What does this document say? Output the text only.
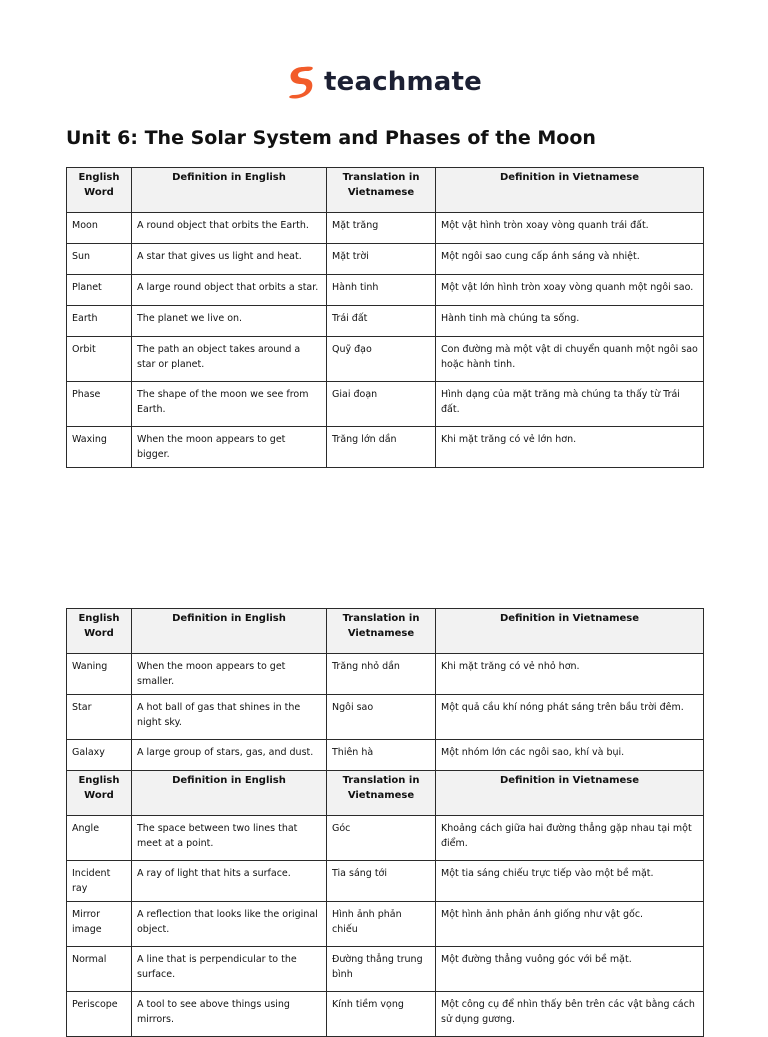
teachmate
Unit 6: The Solar System and Phases of the Moon
English Word	Definition in English	Translation in Vietnamese	Definition in Vietnamese
Moon	A round object that orbits the Earth.	Mặt trăng	Một vật hình tròn xoay vòng quanh trái đất.
Sun	A star that gives us light and heat.	Mặt trời	Một ngôi sao cung cấp ánh sáng và nhiệt.
Planet	A large round object that orbits a star.	Hành tinh	Một vật lớn hình tròn xoay vòng quanh một ngôi sao.
Earth	The planet we live on.	Trái đất	Hành tinh mà chúng ta sống.
Orbit	The path an object takes around a star or planet.	Quỹ đạo	Con đường mà một vật di chuyển quanh một ngôi sao hoặc hành tinh.
Phase	The shape of the moon we see from Earth.	Giai đoạn	Hình dạng của mặt trăng mà chúng ta thấy từ Trái đất.
Waxing	When the moon appears to get bigger.	Trăng lớn dần	Khi mặt trăng có vẻ lớn hơn.
English Word	Definition in English	Translation in Vietnamese	Definition in Vietnamese
Waning	When the moon appears to get smaller.	Trăng nhỏ dần	Khi mặt trăng có vẻ nhỏ hơn.
Star	A hot ball of gas that shines in the night sky.	Ngôi sao	Một quả cầu khí nóng phát sáng trên bầu trời đêm.
Galaxy	A large group of stars, gas, and dust.	Thiên hà	Một nhóm lớn các ngôi sao, khí và bụi.
English Word	Definition in English	Translation in Vietnamese	Definition in Vietnamese
Angle	The space between two lines that meet at a point.	Góc	Khoảng cách giữa hai đường thẳng gặp nhau tại một điểm.
Incident ray	A ray of light that hits a surface.	Tia sáng tới	Một tia sáng chiếu trực tiếp vào một bề mặt.
Mirror image	A reflection that looks like the original object.	Hình ảnh phản chiếu	Một hình ảnh phản ánh giống như vật gốc.
Normal	A line that is perpendicular to the surface.	Đường thẳng trung bình	Một đường thẳng vuông góc với bề mặt.
Periscope	A tool to see above things using mirrors.	Kính tiềm vọng	Một công cụ để nhìn thấy bên trên các vật bằng cách sử dụng gương.
